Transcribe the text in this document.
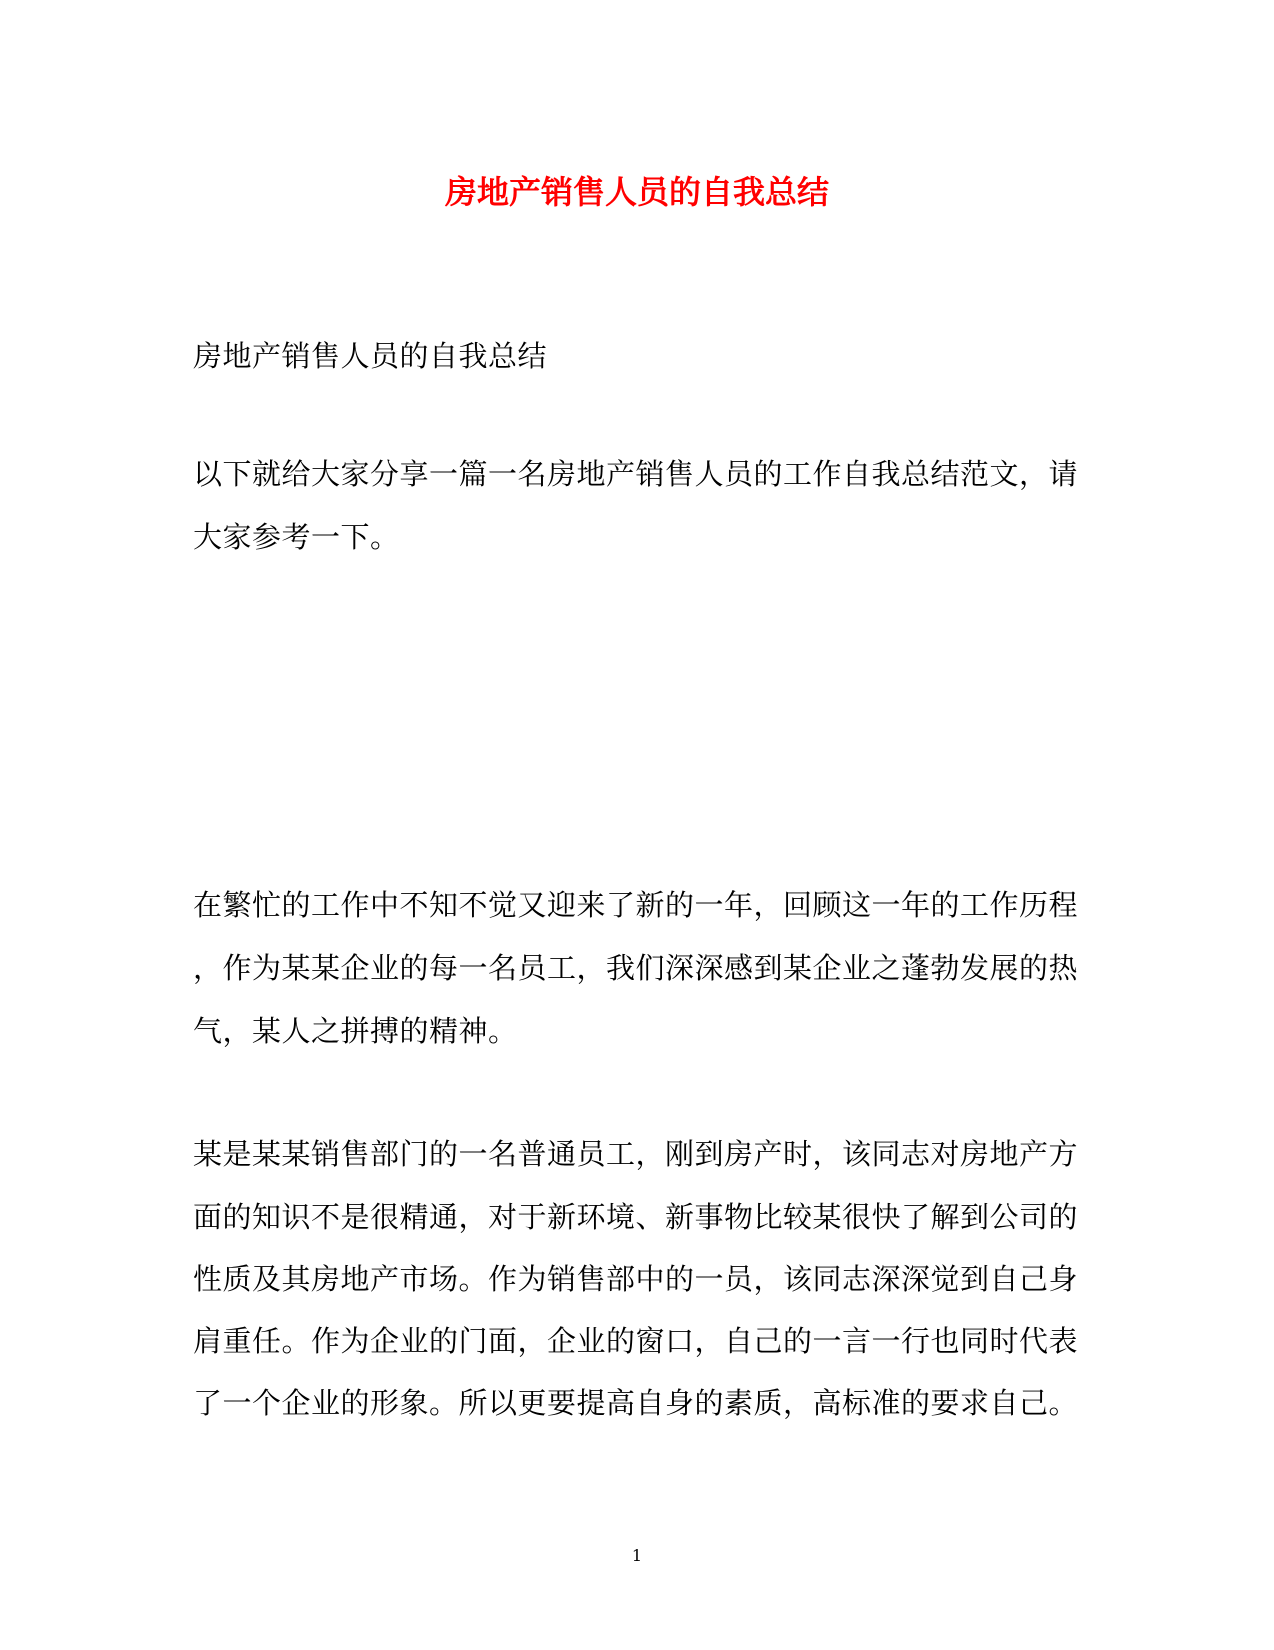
房地产销售人员的自我总结
房地产销售人员的自我总结
以下就给大家分享一篇一名房地产销售人员的工作自我总结范文，请
大家参考一下。
在繁忙的工作中不知不觉又迎来了新的一年，回顾这一年的工作历程
，作为某某企业的每一名员工，我们深深感到某企业之蓬勃发展的热
气，某人之拼搏的精神。
某是某某销售部门的一名普通员工，刚到房产时，该同志对房地产方
面的知识不是很精通，对于新环境、新事物比较某很快了解到公司的
性质及其房地产市场。作为销售部中的一员，该同志深深觉到自己身
肩重任。作为企业的门面，企业的窗口，自己的一言一行也同时代表
了一个企业的形象。所以更要提高自身的素质，高标准的要求自己。
1
